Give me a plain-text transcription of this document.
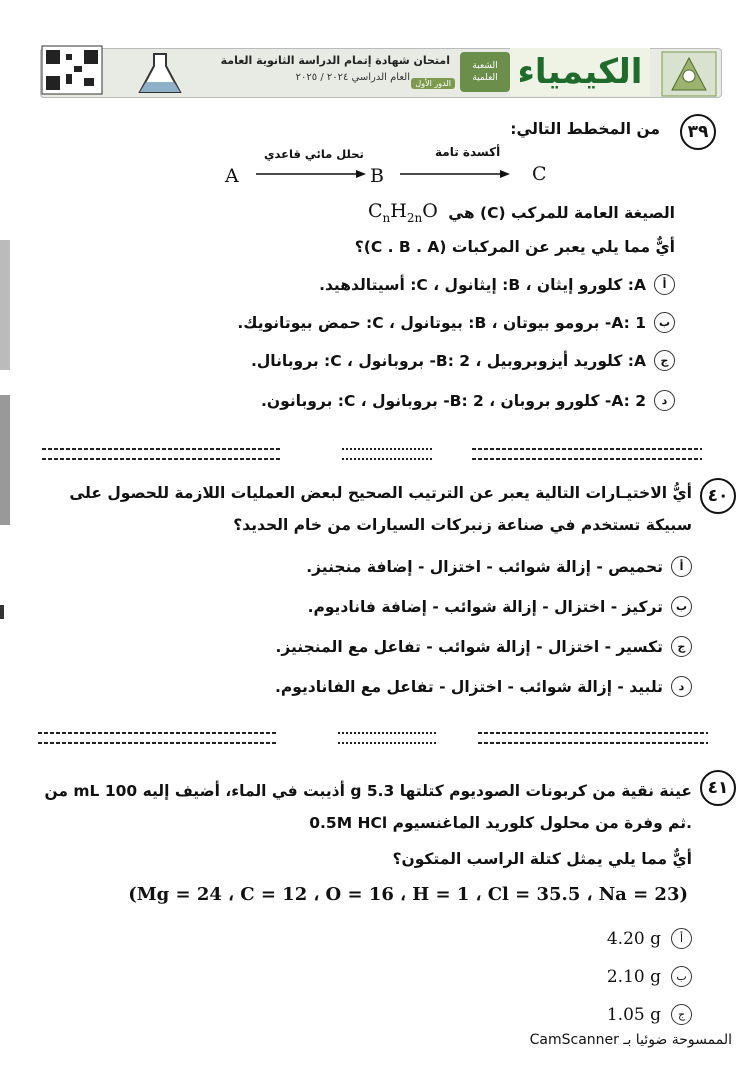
الكيمياء
الشعبة
العلمية
امتحان شهادة إتمام الدراسة الثانوية العامة
العام الدراسي ٢٠٢٤ / ٢٠٢٥
الدور الأول
٣٩
من المخطط التالي:
A
تحلل مائي قاعدي
B
أكسدة تامة
C
$C_nH_{2n}O$ الصيغة العامة للمركب (C) هي
أيٌّ مما يلي يعبر عن المركبات (C . B . A)؟
أ
A: كلورو إيثان ، B: إيثانول ، C: أسيتالدهيد.
ب
A: 1- برومو بيوتان ، B: بيوتانول ، C: حمض بيوتانويك.
ج
A: كلوريد أيزوبروبيل ، B: 2- بروبانول ، C: بروبانال.
د
A: 2- كلورو بروبان ، B: 2- بروبانول ، C: بروبانون.
٤٠
أيُّ الاختيـارات التالية يعبر عن الترتيب الصحيح لبعض العمليات اللازمة للحصول على
سبيكة تستخدم في صناعة زنبركات السيارات من خام الحديد؟
أ
تحميص - إزالة شوائب - اختزال - إضافة منجنيز.
ب
تركيز - اختزال - إزالة شوائب - إضافة فاناديوم.
ج
تكسير - اختزال - إزالة شوائب - تفاعل مع المنجنيز.
د
تلبيد - إزالة شوائب - اختزال - تفاعل مع الفاناديوم.
٤١
عينة نقية من كربونات الصوديوم كتلتها 5.3 g أذيبت في الماء، أضيف إليه 100 mL من
0.5M HCl ثم وفرة من محلول كلوريد الماغنسيوم.
أيٌّ مما يلي يمثل كتلة الراسب المتكون؟
(Mg = 24 ، C = 12 ، O = 16 ، H = 1 ، Cl = 35.5 ، Na = 23)
أ
4.20 g
ب
2.10 g
ج
1.05 g
الممسوحة ضوئيا بـ CamScanner
